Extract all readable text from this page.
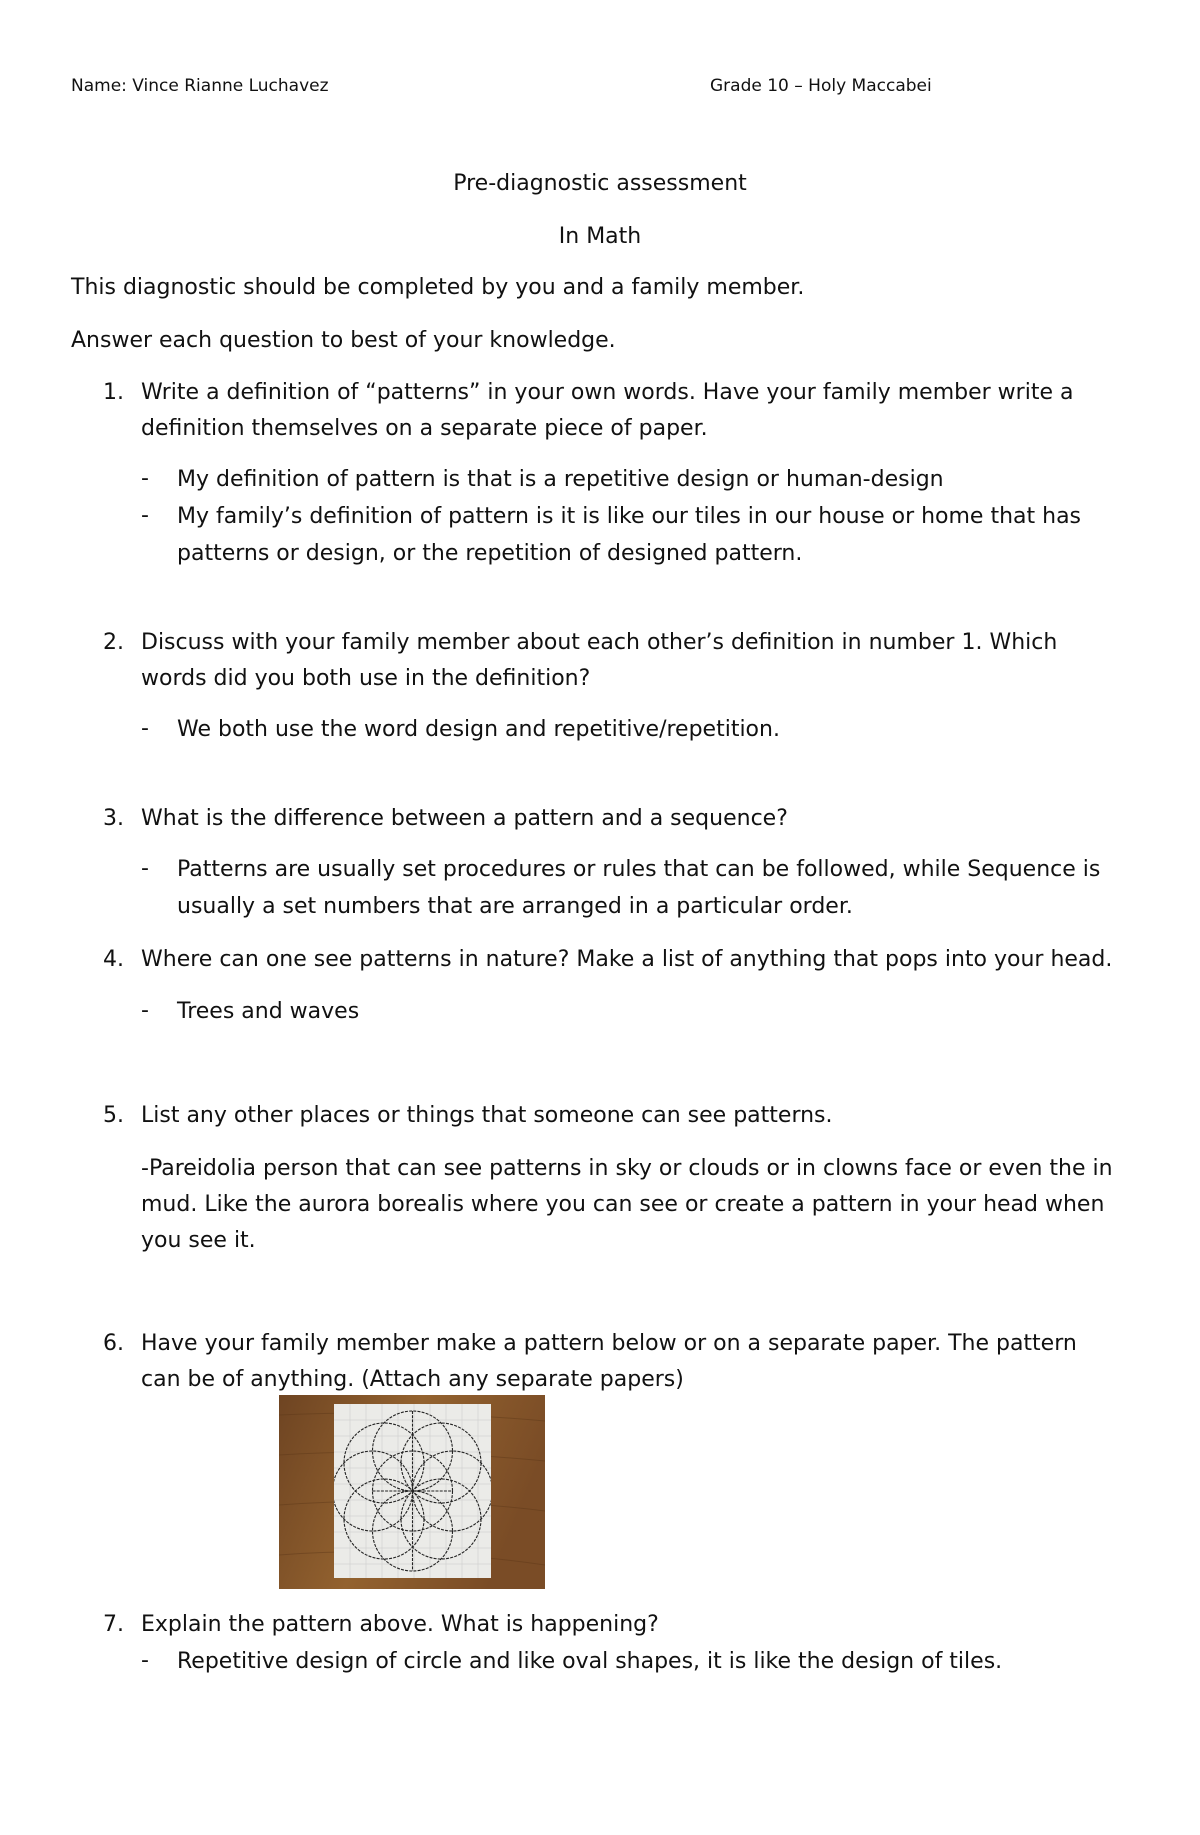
Name: Vince Rianne Luchavez	Grade 10 – Holy Maccabei
Pre-diagnostic assessment
In Math
This diagnostic should be completed by you and a family member.
Answer each question to best of your knowledge.
1. Write a definition of “patterns” in your own words. Have your family member write a
definition themselves on a separate piece of paper.
- My definition of pattern is that is a repetitive design or human-design
- My family’s definition of pattern is it is like our tiles in our house or home that has
patterns or design, or the repetition of designed pattern.
2. Discuss with your family member about each other’s definition in number 1. Which
words did you both use in the definition?
- We both use the word design and repetitive/repetition.
3. What is the difference between a pattern and a sequence?
- Patterns are usually set procedures or rules that can be followed, while Sequence is
usually a set numbers that are arranged in a particular order.
4. Where can one see patterns in nature? Make a list of anything that pops into your head.
- Trees and waves
5. List any other places or things that someone can see patterns.
-Pareidolia person that can see patterns in sky or clouds or in clowns face or even the in
mud. Like the aurora borealis where you can see or create a pattern in your head when
you see it.
6. Have your family member make a pattern below or on a separate paper. The pattern
can be of anything. (Attach any separate papers)
7. Explain the pattern above. What is happening?
- Repetitive design of circle and like oval shapes, it is like the design of tiles.
